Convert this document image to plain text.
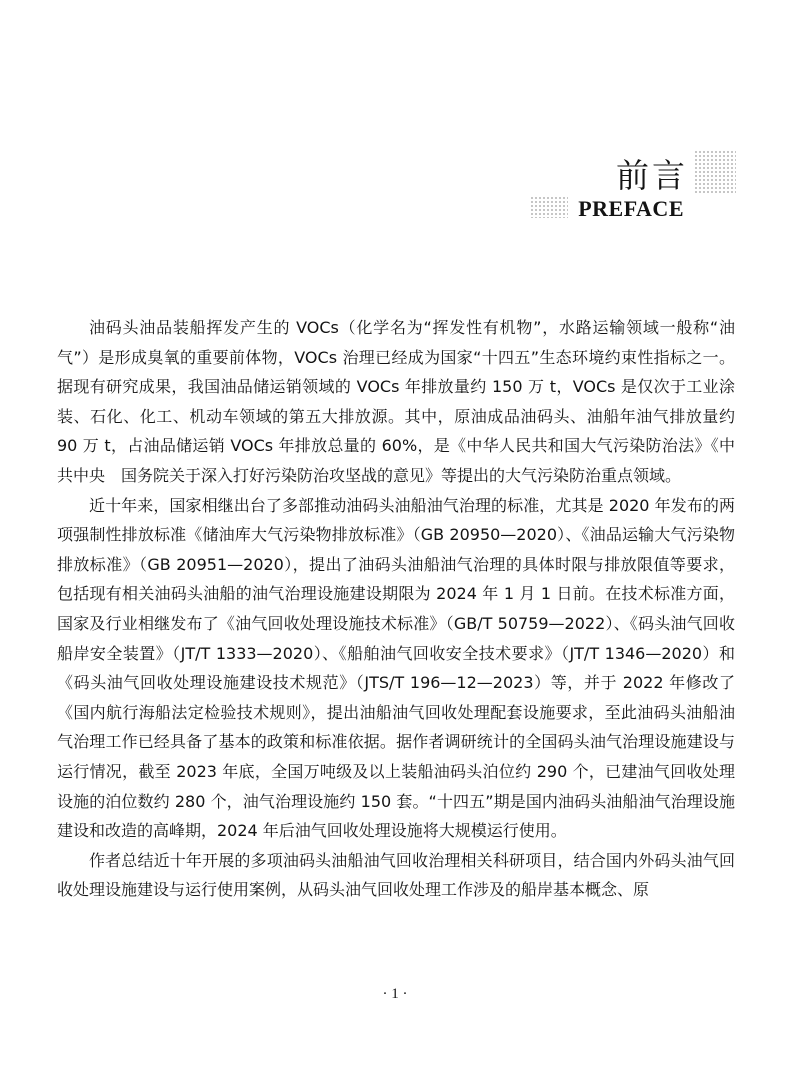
前言
PREFACE

油码头油品装船挥发产生的 VOCs（化学名为“挥发性有机物”，水路运输领域一般称“油气”）是形成臭氧的重要前体物，VOCs 治理已经成为国家“十四五”生态环境约束性指标之一。据现有研究成果，我国油品储运销领域的 VOCs 年排放量约 150 万 t，VOCs 是仅次于工业涂装、石化、化工、机动车领域的第五大排放源。其中，原油成品油码头、油船年油气排放量约 90 万 t，占油品储运销 VOCs 年排放总量的 60%，是《中华人民共和国大气污染防治法》《中共中央　国务院关于深入打好污染防治攻坚战的意见》等提出的大气污染防治重点领域。

近十年来，国家相继出台了多部推动油码头油船油气治理的标准，尤其是 2020 年发布的两项强制性排放标准《储油库大气污染物排放标准》（GB 20950—2020）、《油品运输大气污染物排放标准》（GB 20951—2020），提出了油码头油船油气治理的具体时限与排放限值等要求，包括现有相关油码头油船的油气治理设施建设期限为 2024 年 1 月 1 日前。在技术标准方面，国家及行业相继发布了《油气回收处理设施技术标准》（GB/T 50759—2022）、《码头油气回收船岸安全装置》（JT/T 1333—2020）、《船舶油气回收安全技术要求》（JT/T 1346—2020）和《码头油气回收处理设施建设技术规范》（JTS/T 196—12—2023）等，并于 2022 年修改了《国内航行海船法定检验技术规则》，提出油船油气回收处理配套设施要求，至此油码头油船油气治理工作已经具备了基本的政策和标准依据。据作者调研统计的全国码头油气治理设施建设与运行情况，截至 2023 年底，全国万吨级及以上装船油码头泊位约 290 个，已建油气回收处理设施的泊位数约 280 个，油气治理设施约 150 套。“十四五”期是国内油码头油船油气治理设施建设和改造的高峰期，2024 年后油气回收处理设施将大规模运行使用。

作者总结近十年开展的多项油码头油船油气回收治理相关科研项目，结合国内外码头油气回收处理设施建设与运行使用案例，从码头油气回收处理工作涉及的船岸基本概念、原

· 1 ·
